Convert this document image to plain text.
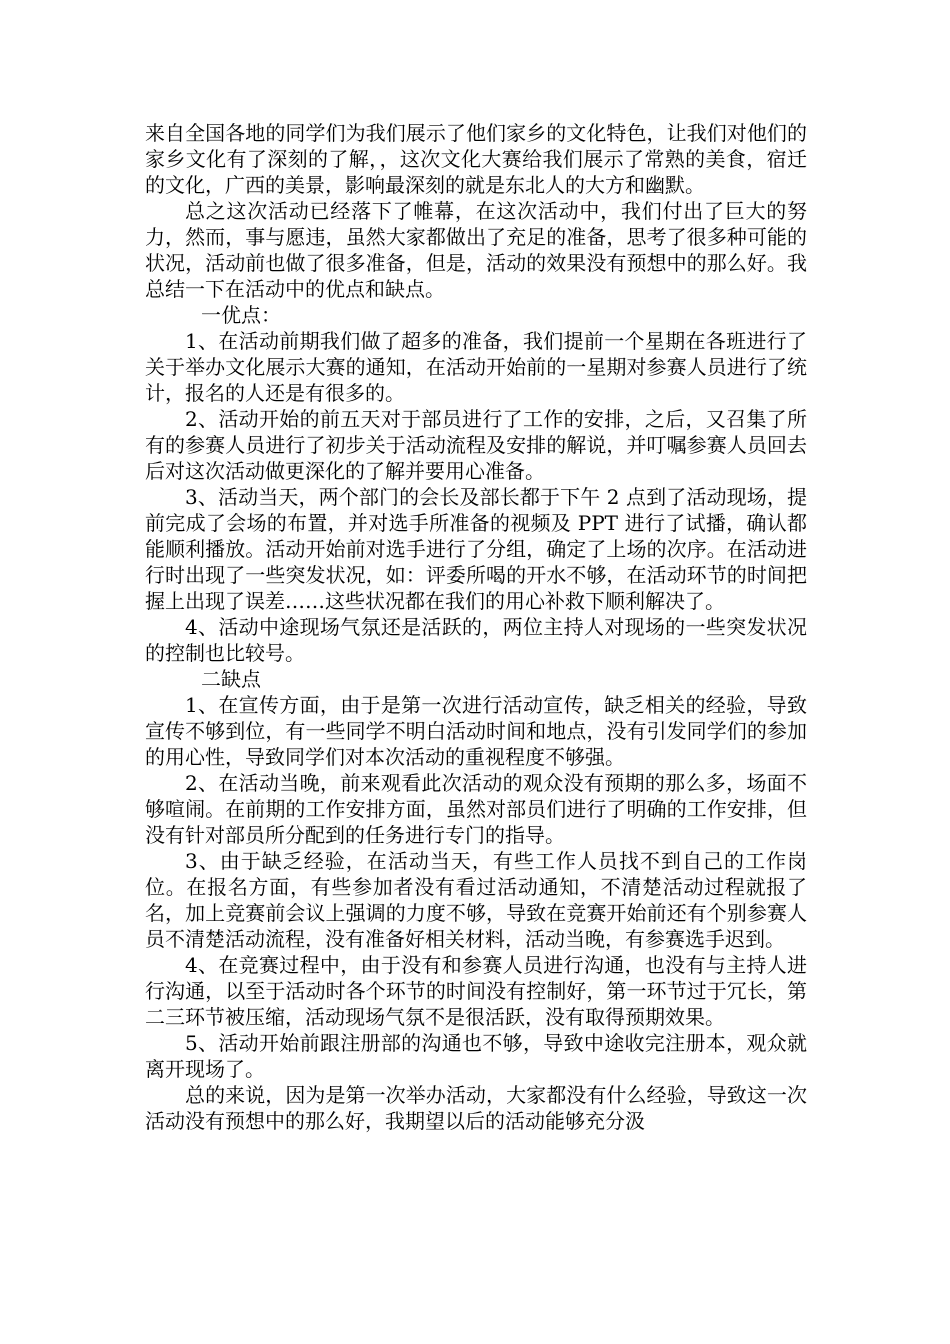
来自全国各地的同学们为我们展示了他们家乡的文化特色，让我们对他们的家乡文化有了深刻的了解，，这次文化大赛给我们展示了常熟的美食，宿迁的文化，广西的美景，影响最深刻的就是东北人的大方和幽默。

总之这次活动已经落下了帷幕，在这次活动中，我们付出了巨大的努力，然而，事与愿违，虽然大家都做出了充足的准备，思考了很多种可能的状况，活动前也做了很多准备，但是，活动的效果没有预想中的那么好。我总结一下在活动中的优点和缺点。

一优点：

1、在活动前期我们做了超多的准备，我们提前一个星期在各班进行了关于举办文化展示大赛的通知，在活动开始前的一星期对参赛人员进行了统计，报名的人还是有很多的。

2、活动开始的前五天对于部员进行了工作的安排，之后，又召集了所有的参赛人员进行了初步关于活动流程及安排的解说，并叮嘱参赛人员回去后对这次活动做更深化的了解并要用心准备。

3、活动当天，两个部门的会长及部长都于下午 2 点到了活动现场，提前完成了会场的布置，并对选手所准备的视频及 PPT 进行了试播，确认都能顺利播放。活动开始前对选手进行了分组，确定了上场的次序。在活动进行时出现了一些突发状况，如：评委所喝的开水不够，在活动环节的时间把握上出现了误差……这些状况都在我们的用心补救下顺利解决了。

4、活动中途现场气氛还是活跃的，两位主持人对现场的一些突发状况的控制也比较号。

二缺点

1、在宣传方面，由于是第一次进行活动宣传，缺乏相关的经验，导致宣传不够到位，有一些同学不明白活动时间和地点，没有引发同学们的参加的用心性，导致同学们对本次活动的重视程度不够强。

2、在活动当晚，前来观看此次活动的观众没有预期的那么多，场面不够喧闹。在前期的工作安排方面，虽然对部员们进行了明确的工作安排，但没有针对部员所分配到的任务进行专门的指导。

3、由于缺乏经验，在活动当天，有些工作人员找不到自己的工作岗位。在报名方面，有些参加者没有看过活动通知，不清楚活动过程就报了名，加上竞赛前会议上强调的力度不够，导致在竞赛开始前还有个别参赛人员不清楚活动流程，没有准备好相关材料，活动当晚，有参赛选手迟到。

4、在竞赛过程中，由于没有和参赛人员进行沟通，也没有与主持人进行沟通，以至于活动时各个环节的时间没有控制好，第一环节过于冗长，第二三环节被压缩，活动现场气氛不是很活跃，没有取得预期效果。

5、活动开始前跟注册部的沟通也不够，导致中途收完注册本，观众就离开现场了。

总的来说，因为是第一次举办活动，大家都没有什么经验，导致这一次活动没有预想中的那么好，我期望以后的活动能够充分汲
